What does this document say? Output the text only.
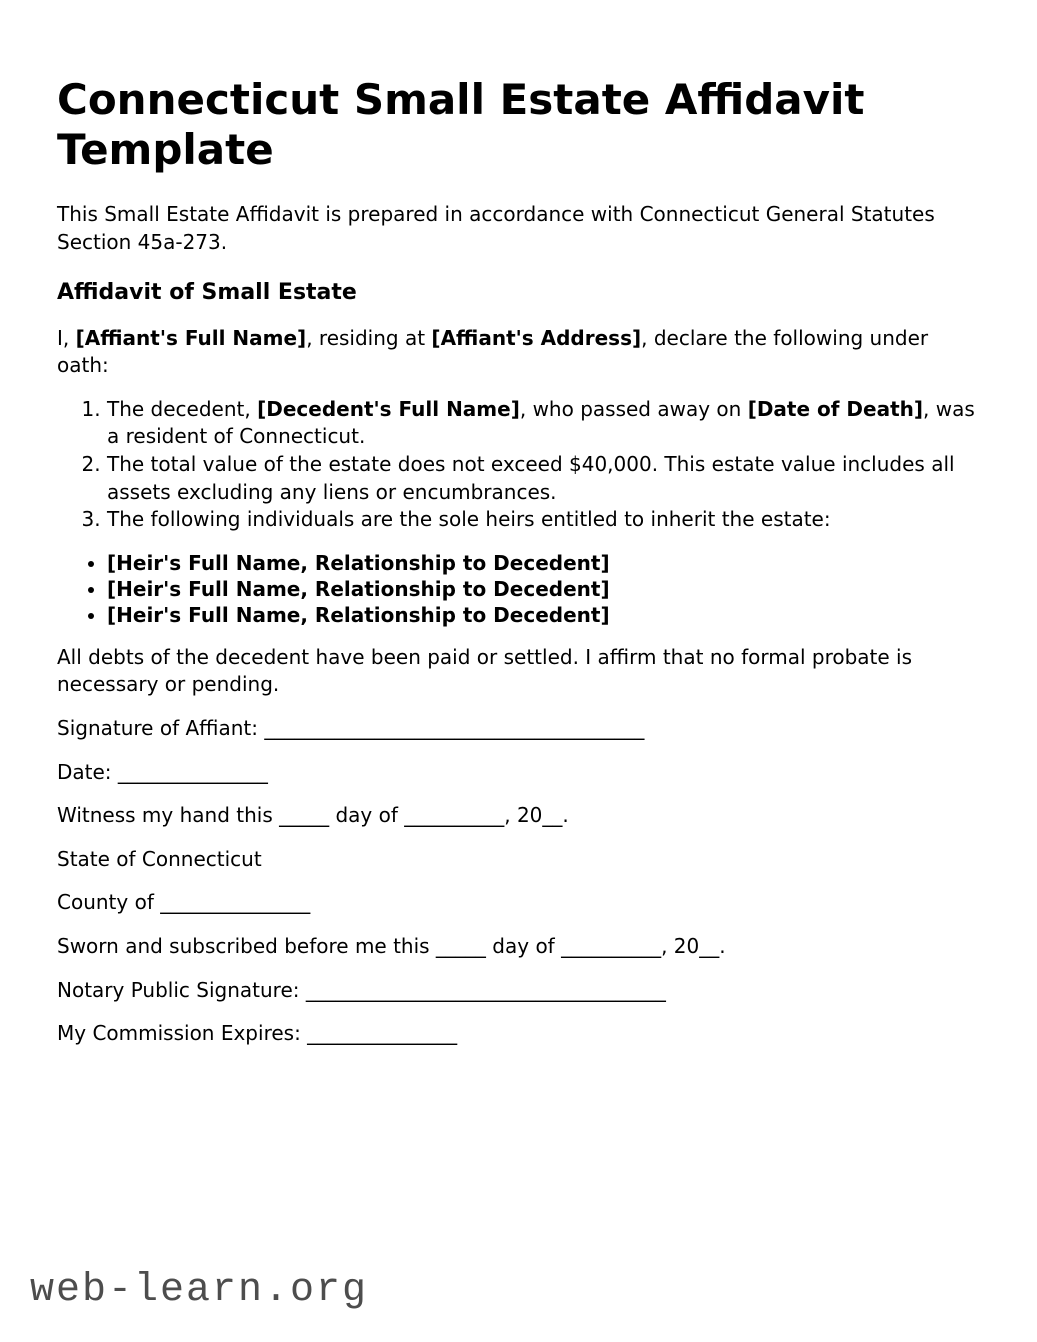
Connecticut Small Estate Affidavit Template

This Small Estate Affidavit is prepared in accordance with Connecticut General Statutes Section 45a-273.

Affidavit of Small Estate

I, [Affiant's Full Name], residing at [Affiant's Address], declare the following under oath:

1. The decedent, [Decedent's Full Name], who passed away on [Date of Death], was a resident of Connecticut.
2. The total value of the estate does not exceed $40,000. This estate value includes all assets excluding any liens or encumbrances.
3. The following individuals are the sole heirs entitled to inherit the estate:
• [Heir's Full Name, Relationship to Decedent]
• [Heir's Full Name, Relationship to Decedent]
• [Heir's Full Name, Relationship to Decedent]

All debts of the decedent have been paid or settled. I affirm that no formal probate is necessary or pending.

Signature of Affiant: ______________________________________

Date: _______________

Witness my hand this _____ day of __________, 20__.

State of Connecticut

County of _______________

Sworn and subscribed before me this _____ day of __________, 20__.

Notary Public Signature: ____________________________________

My Commission Expires: _______________

web-learn.org
